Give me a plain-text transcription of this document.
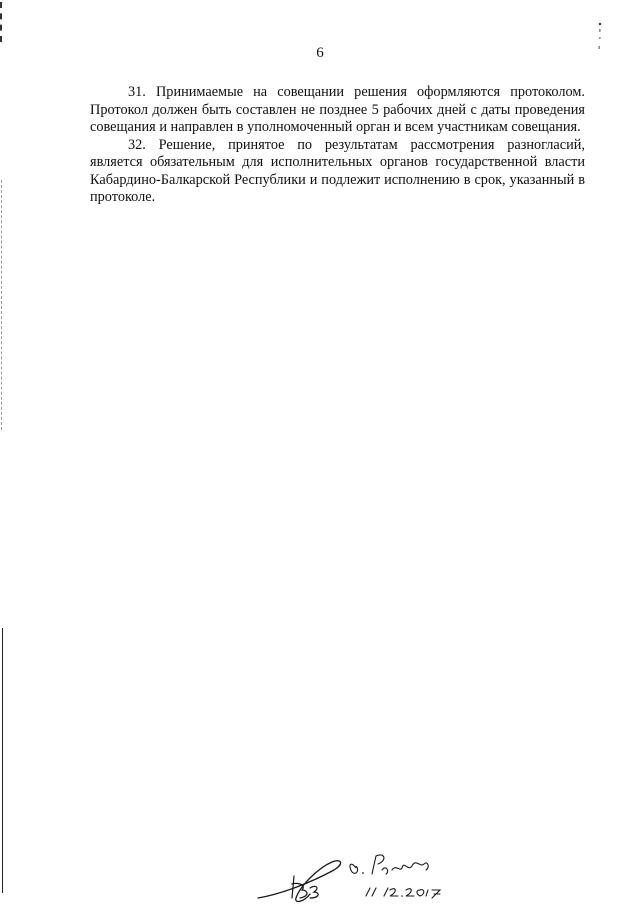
6

31. Принимаемые на совещании решения оформляются протоколом. Протокол должен быть составлен не позднее 5 рабочих дней с даты проведения совещания и направлен в уполномоченный орган и всем участникам совещания.

32. Решение, принятое по результатам рассмотрения разногласий, является обязательным для исполнительных органов государственной власти Кабардино-Балкарской Республики и подлежит исполнению в срок, указанный в протоколе.
